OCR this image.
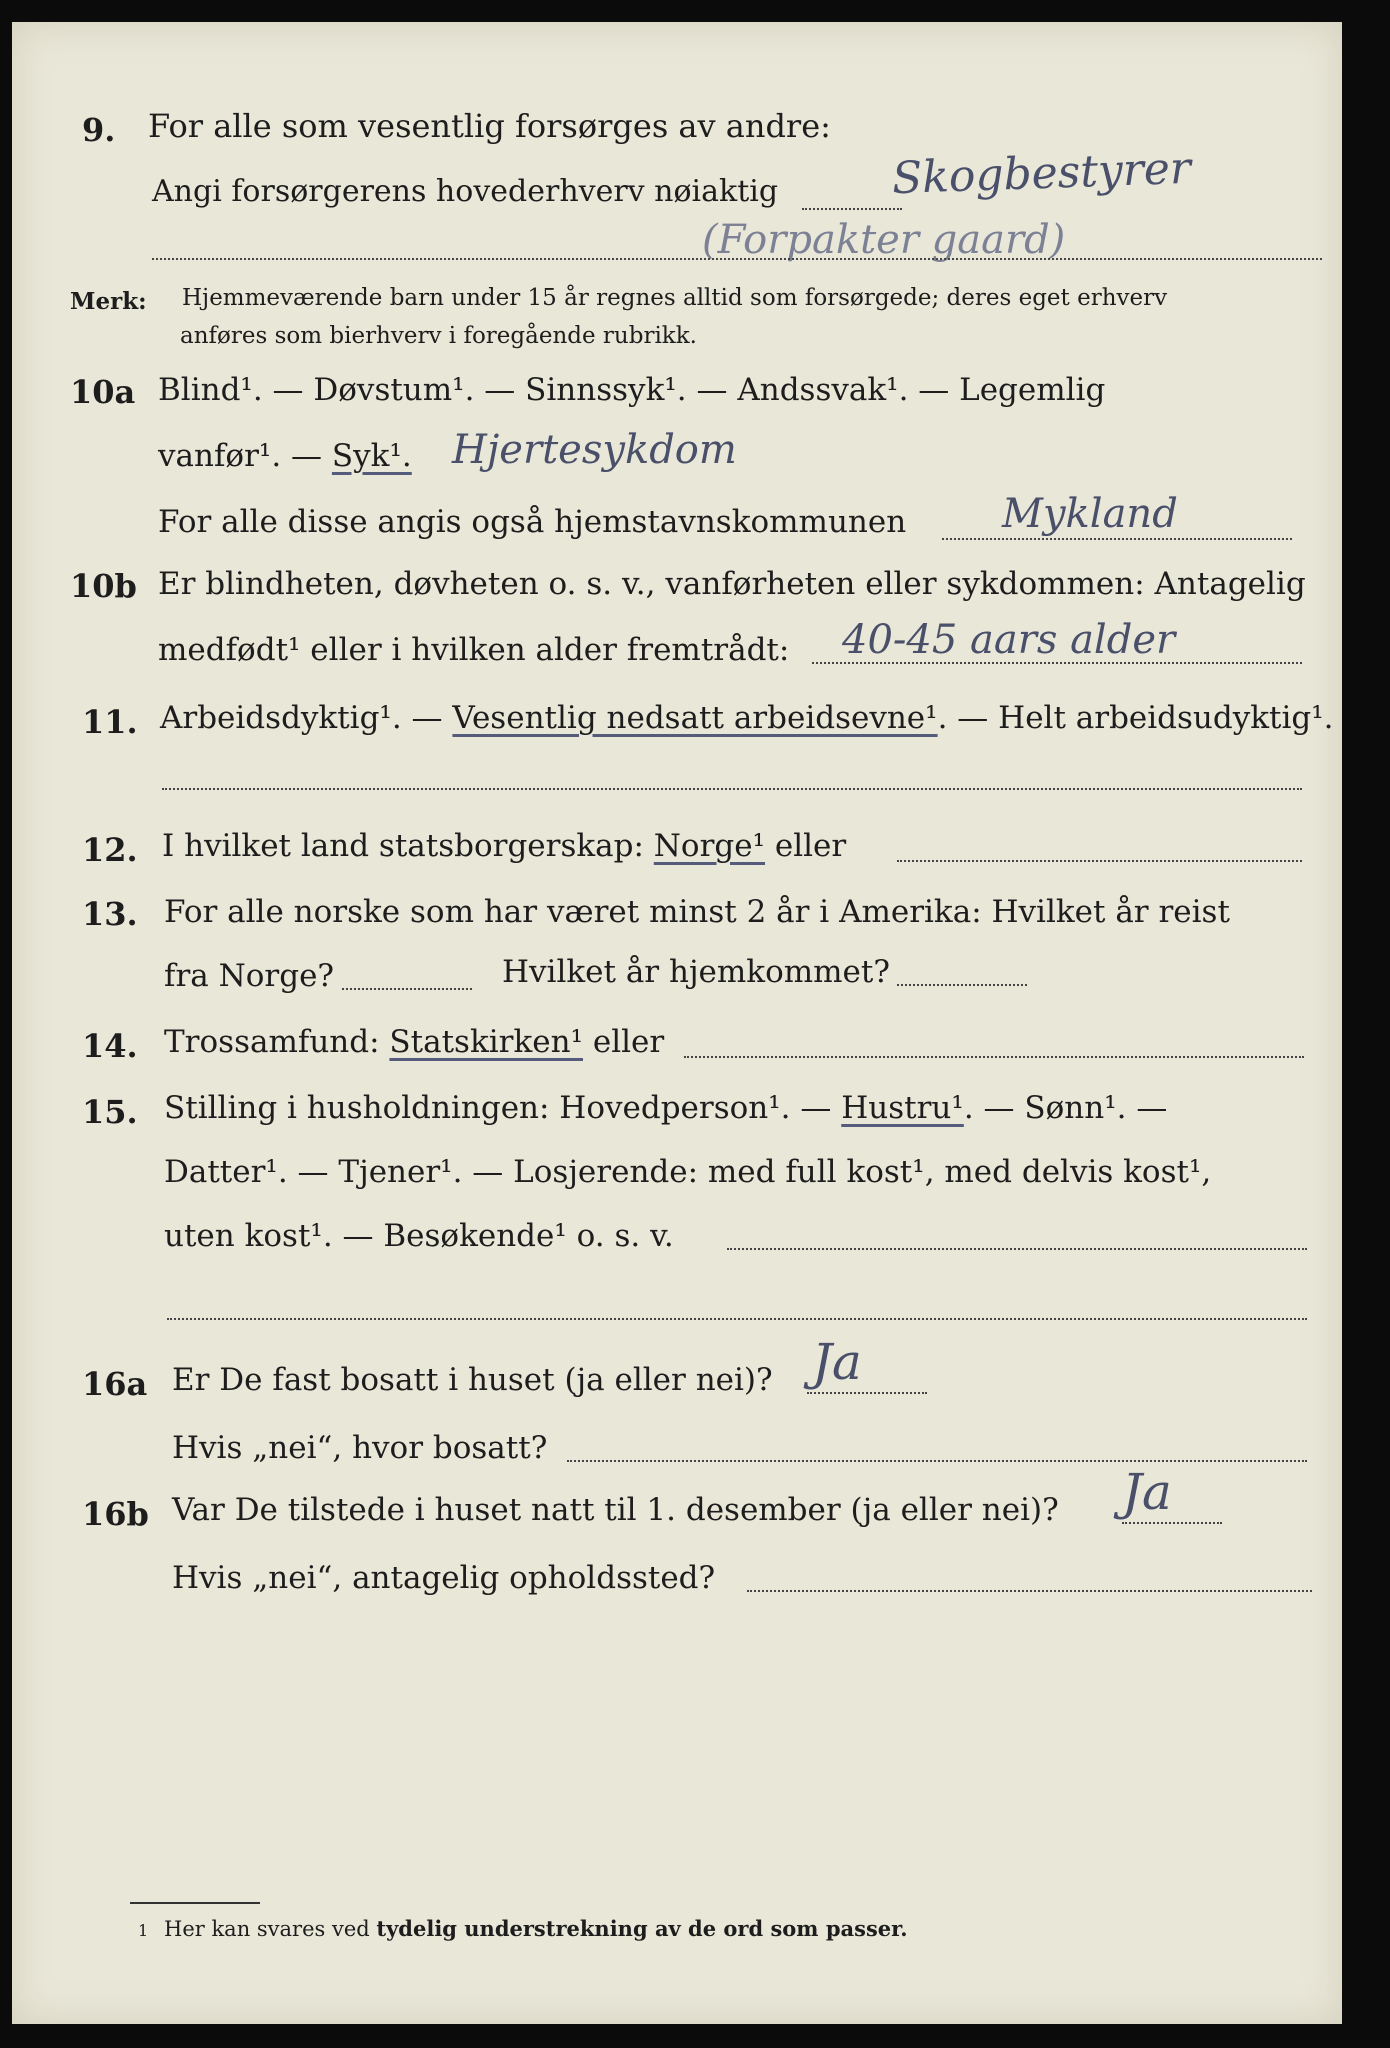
9. For alle som vesentlig forsørges av andre:
Angi forsørgerens hovederhverv nøiaktig	Skogbestyrer
(Forpakter gaard)
Merk: Hjemmeværende barn under 15 år regnes alltid som forsørgede; deres eget erhverv
anføres som bierhverv i foregående rubrikk.
10a Blind¹. — Døvstum¹. — Sinnssyk¹. — Andssvak¹. — Legemlig
vanfør¹. — Syk¹. Hjertesykdom
For alle disse angis også hjemstavnskommunen Mykland
10b Er blindheten, døvheten o. s. v., vanførheten eller sykdommen: Antagelig
medfødt¹ eller i hvilken alder fremtrådt: 40-45 aars alder
11. Arbeidsdyktig¹. — Vesentlig nedsatt arbeidsevne¹. — Helt arbeidsudyktig¹.
12. I hvilket land statsborgerskap: Norge¹ eller
13. For alle norske som har været minst 2 år i Amerika: Hvilket år reist
fra Norge?	Hvilket år hjemkommet?
14. Trossamfund: Statskirken¹ eller
15. Stilling i husholdningen: Hovedperson¹. — Hustru¹. — Sønn¹. —
Datter¹. — Tjener¹. — Losjerende: med full kost¹, med delvis kost¹,
uten kost¹. — Besøkende¹ o. s. v.
16a Er De fast bosatt i huset (ja eller nei)? Ja
Hvis „nei“, hvor bosatt?
16b Var De tilstede i huset natt til 1. desember (ja eller nei)? Ja
Hvis „nei“, antagelig opholdssted?
1 Her kan svares ved tydelig understrekning av de ord som passer.
